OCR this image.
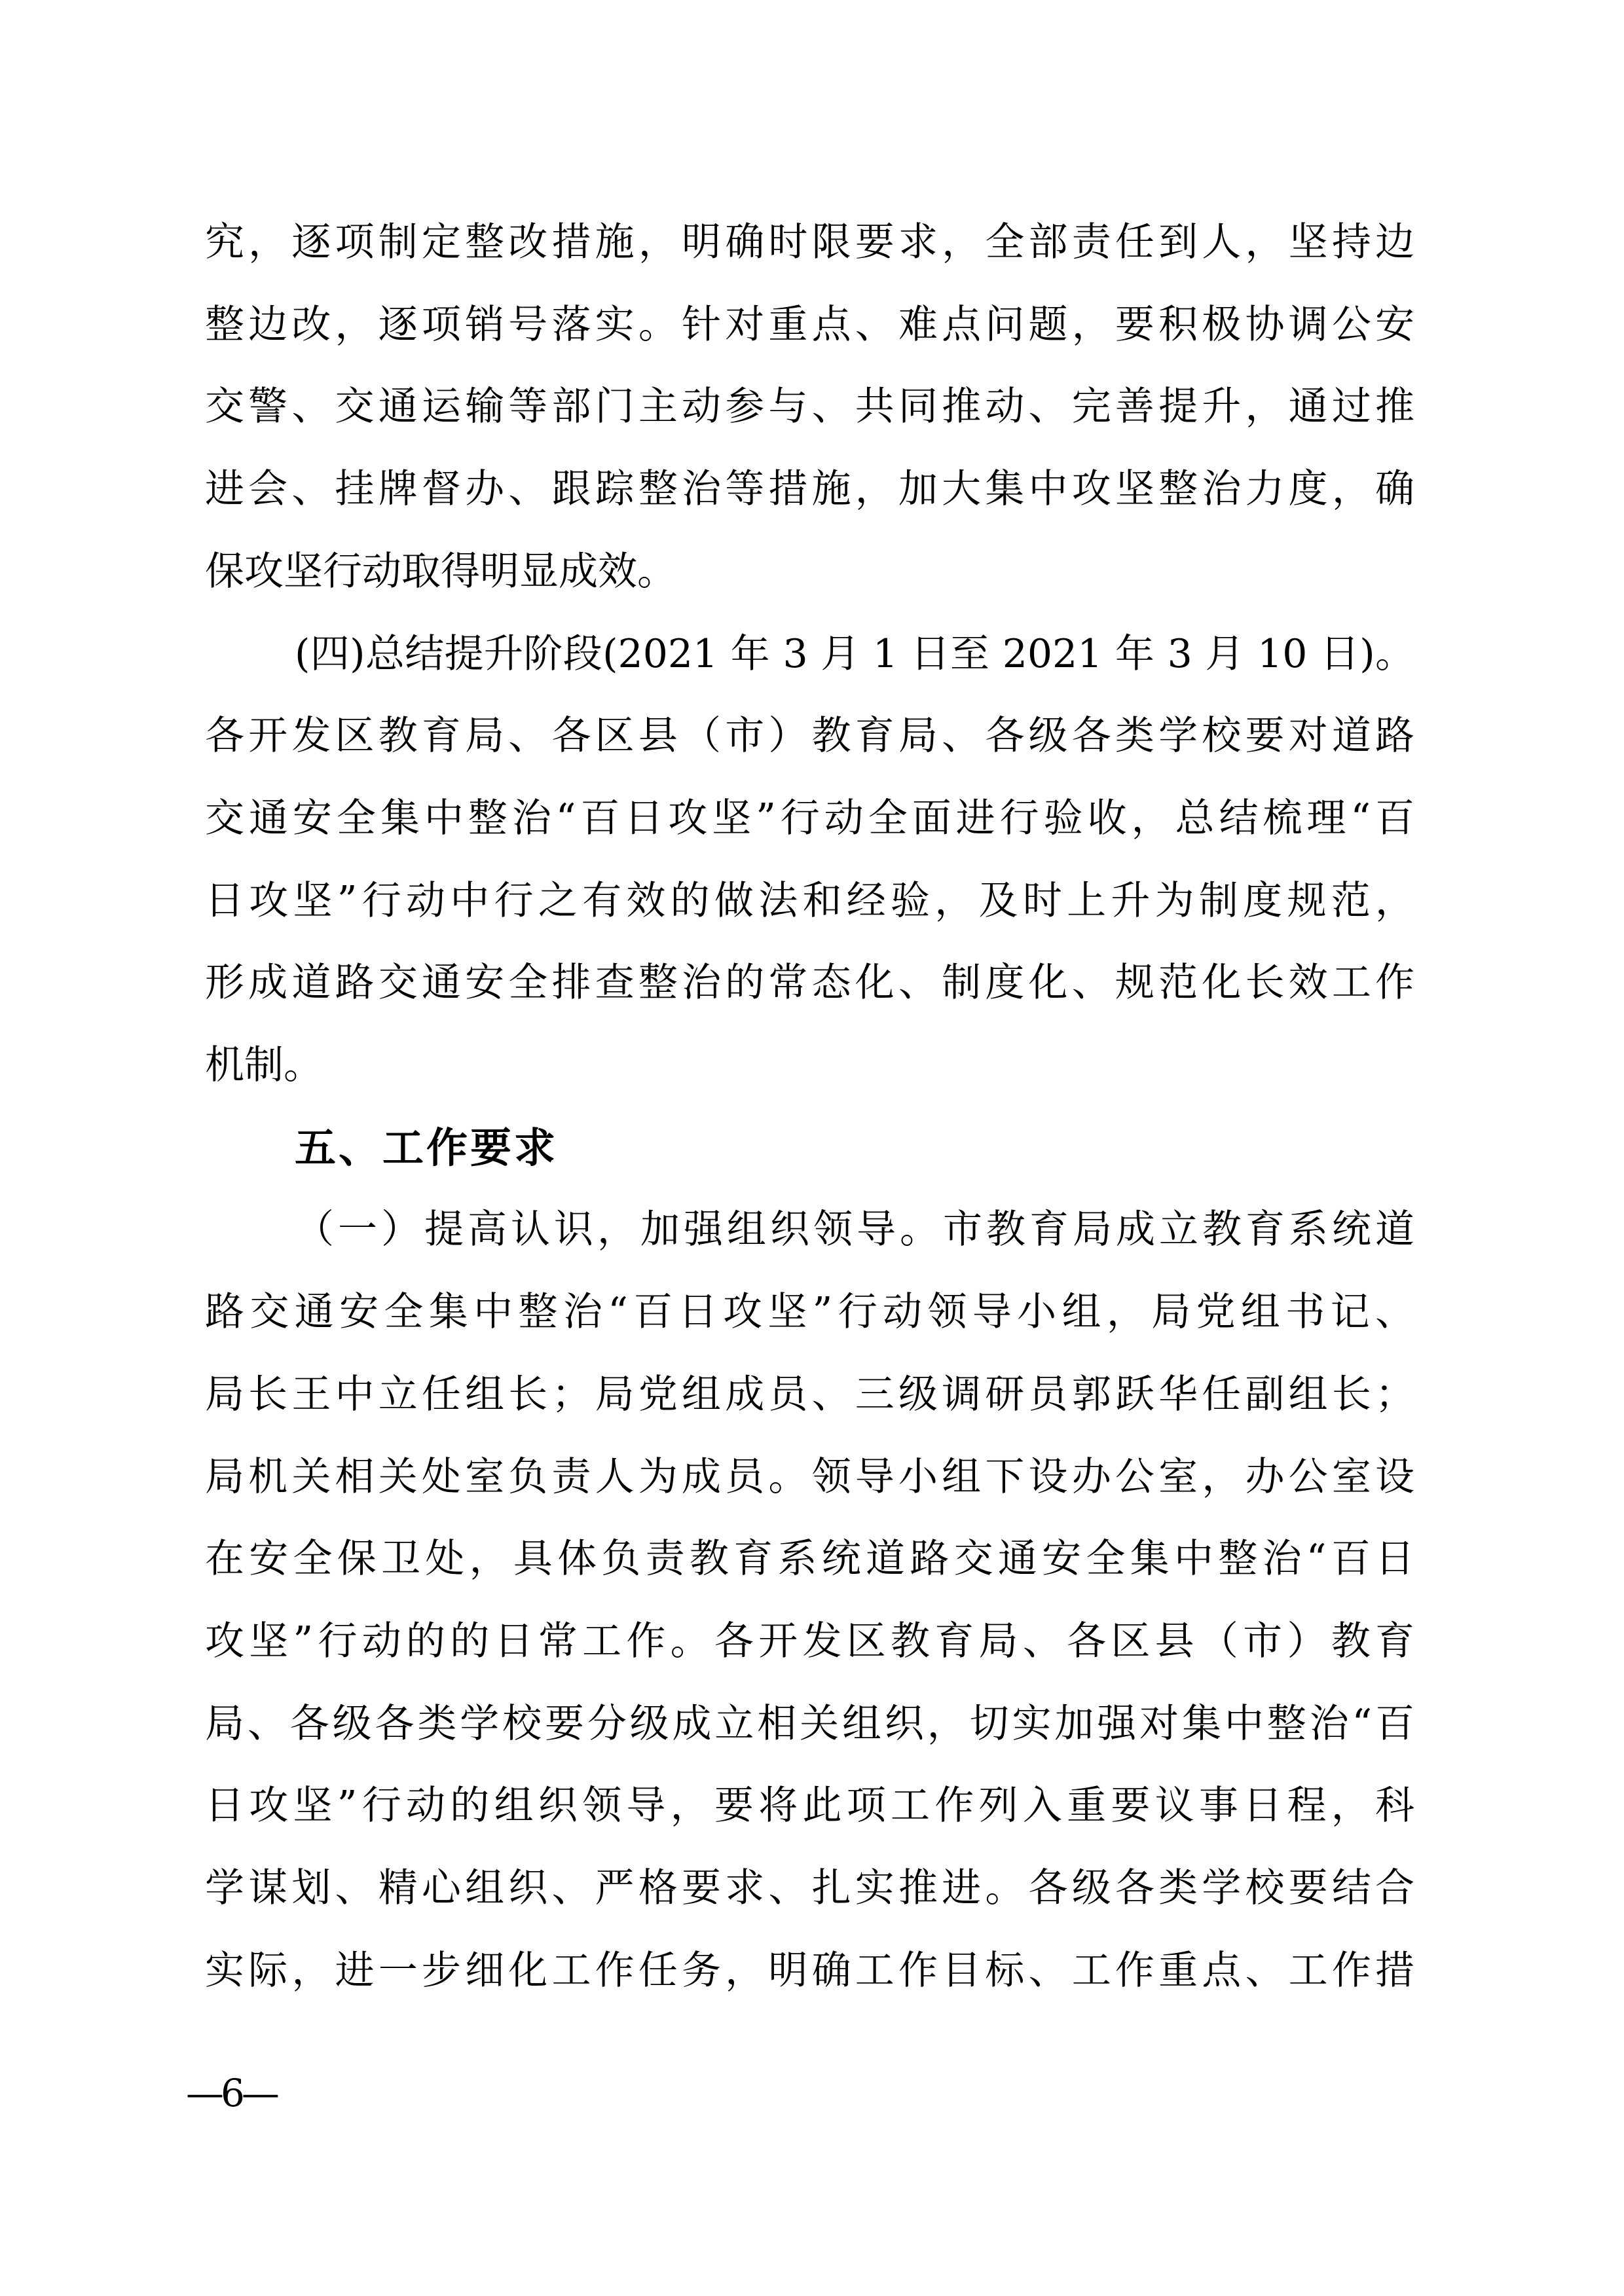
究，逐项制定整改措施，明确时限要求，全部责任到人，坚持边
整边改，逐项销号落实。针对重点、难点问题，要积极协调公安
交警、交通运输等部门主动参与、共同推动、完善提升，通过推
进会、挂牌督办、跟踪整治等措施，加大集中攻坚整治力度，确
保攻坚行动取得明显成效。
(四)总结提升阶段(2021 年 3 月 1 日至 2021 年 3 月 10 日)。
各开发区教育局、各区县（市）教育局、各级各类学校要对道路
交通安全集中整治“百日攻坚”行动全面进行验收，总结梳理“百
日攻坚”行动中行之有效的做法和经验，及时上升为制度规范，
形成道路交通安全排查整治的常态化、制度化、规范化长效工作
机制。
五、工作要求
（一）提高认识，加强组织领导。市教育局成立教育系统道
路交通安全集中整治“百日攻坚”行动领导小组，局党组书记、
局长王中立任组长；局党组成员、三级调研员郭跃华任副组长；
局机关相关处室负责人为成员。领导小组下设办公室，办公室设
在安全保卫处，具体负责教育系统道路交通安全集中整治“百日
攻坚”行动的的日常工作。各开发区教育局、各区县（市）教育
局、各级各类学校要分级成立相关组织，切实加强对集中整治“百
日攻坚”行动的组织领导，要将此项工作列入重要议事日程，科
学谋划、精心组织、严格要求、扎实推进。各级各类学校要结合
实际，进一步细化工作任务，明确工作目标、工作重点、工作措
—6—
